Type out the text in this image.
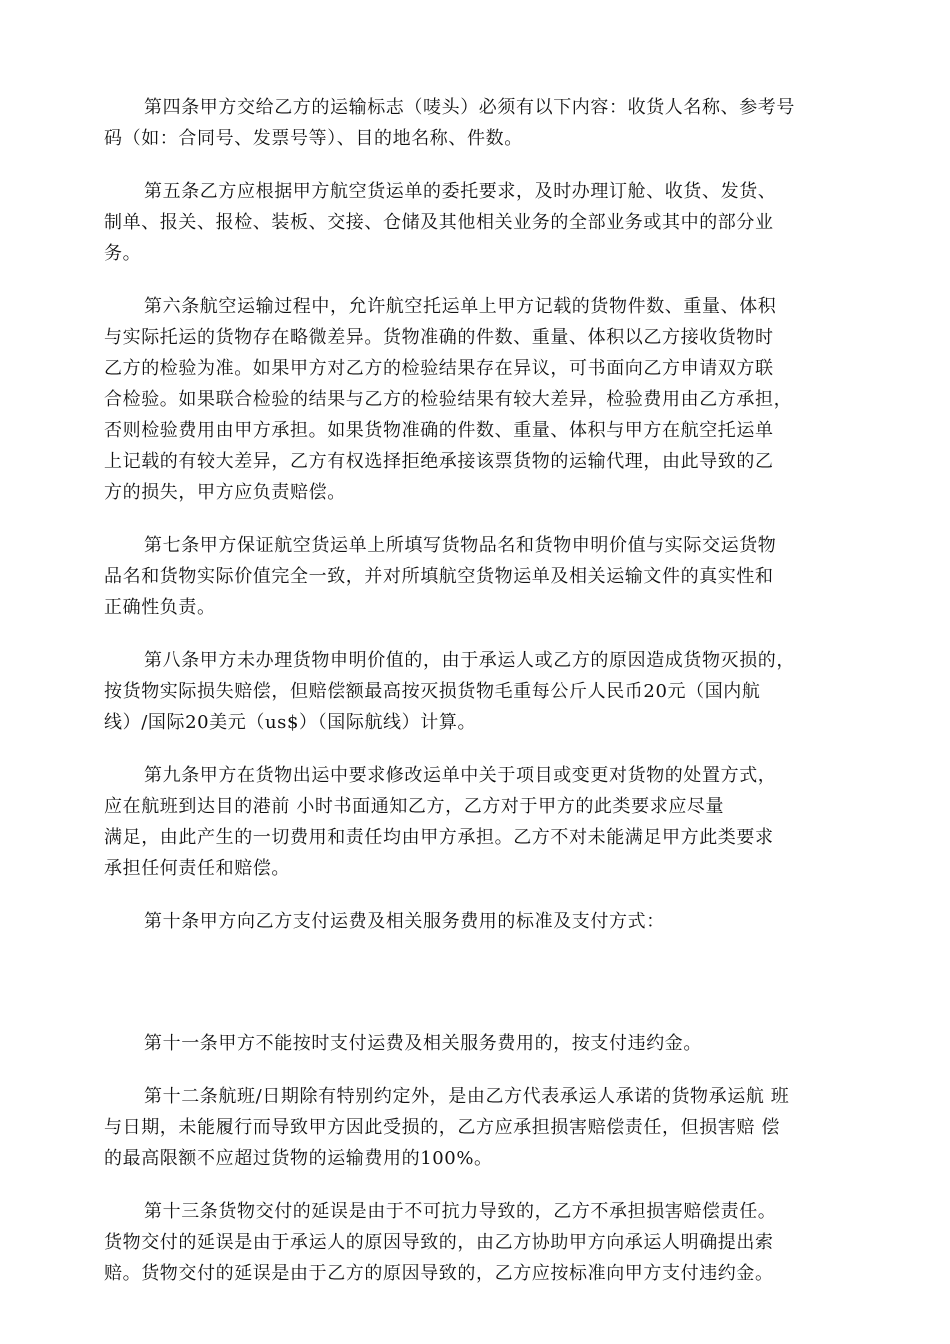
第四条甲方交给乙方的运输标志（唛头）必须有以下内容：收货人名称、参考号
码（如：合同号、发票号等）、目的地名称、件数。

第五条乙方应根据甲方航空货运单的委托要求，及时办理订舱、收货、发货、
制单、报关、报检、装板、交接、仓储及其他相关业务的全部业务或其中的部分业
务。

第六条航空运输过程中，允许航空托运单上甲方记载的货物件数、重量、体积
与实际托运的货物存在略微差异。货物准确的件数、重量、体积以乙方接收货物时
乙方的检验为准。如果甲方对乙方的检验结果存在异议，可书面向乙方申请双方联
合检验。如果联合检验的结果与乙方的检验结果有较大差异，检验费用由乙方承担，
否则检验费用由甲方承担。如果货物准确的件数、重量、体积与甲方在航空托运单
上记载的有较大差异，乙方有权选择拒绝承接该票货物的运输代理，由此导致的乙
方的损失，甲方应负责赔偿。

第七条甲方保证航空货运单上所填写货物品名和货物申明价值与实际交运货物
品名和货物实际价值完全一致，并对所填航空货物运单及相关运输文件的真实性和
正确性负责。

第八条甲方未办理货物申明价值的，由于承运人或乙方的原因造成货物灭损的，
按货物实际损失赔偿，但赔偿额最高按灭损货物毛重每公斤人民币20元（国内航
线）/国际20美元（us$）（国际航线）计算。

第九条甲方在货物出运中要求修改运单中关于项目或变更对货物的处置方式，
应在航班到达目的港前 小时书面通知乙方，乙方对于甲方的此类要求应尽量
满足，由此产生的一切费用和责任均由甲方承担。乙方不对未能满足甲方此类要求
承担任何责任和赔偿。

第十条甲方向乙方支付运费及相关服务费用的标准及支付方式：

第十一条甲方不能按时支付运费及相关服务费用的，按支付违约金。

第十二条航班/日期除有特别约定外，是由乙方代表承运人承诺的货物承运航 班
与日期，未能履行而导致甲方因此受损的，乙方应承担损害赔偿责任，但损害赔 偿
的最高限额不应超过货物的运输费用的100%。

第十三条货物交付的延误是由于不可抗力导致的，乙方不承担损害赔偿责任。
货物交付的延误是由于承运人的原因导致的，由乙方协助甲方向承运人明确提出索
赔。货物交付的延误是由于乙方的原因导致的，乙方应按标准向甲方支付违约金。
